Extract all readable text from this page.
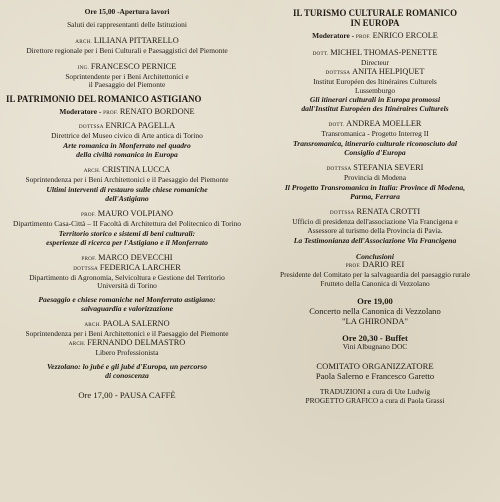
Ore 15,00 -Apertura lavori

Saluti dei rappresentanti delle Istituzioni

ARCH. LILIANA PITTARELLO

Direttore regionale per i Beni Culturali e Paesaggistici del Piemonte

ING. FRANCESCO PERNICE

Soprintendente per i Beni Architettonici e

il Paesaggio del Piemonte

IL PATRIMONIO DEL ROMANICO ASTIGIANO

Moderatore - PROF. RENATO BORDONE

DOTTSSA ENRICA PAGELLA

Direttrice del Museo civico di Arte antica di Torino

Arte romanica in Monferrato nel quadro

della civiltà romanica in Europa

ARCH. CRISTINA LUCCA

Soprintendenza per i Beni Architettonici e il Paesaggio del Piemonte

Ultimi interventi di restauro sulle chiese romaniche

dell'Astigiano

PROF. MAURO VOLPIANO

Dipartimento Casa-Città – II Facoltà di Architettura del Politecnico di Torino

Territorio storico e sistemi di beni culturali:

esperienze di ricerca per l'Astigiano e il Monferrato

PROF. MARCO DEVECCHI

DOTTSSA FEDERICA LARCHER

Dipartimento di Agronomia, Selvicoltura e Gestione del Territorio

Università di Torino

Paesaggio e chiese romaniche nel Monferrato astigiano:

salvaguardia e valorizzazione

ARCH. PAOLA SALERNO

Soprintendenza per i Beni Architettonici e il Paesaggio del Piemonte

ARCH. FERNANDO DELMASTRO

Libero Professionista

Vezzolano: lo jubé e gli jubé d'Europa, un percorso

di conoscenza

Ore 17,00 - PAUSA CAFFÈ

IL TURISMO CULTURALE ROMANICO

IN EUROPA

Moderatore - PROF. ENRICO ERCOLE

DOTT. MICHEL THOMAS-PENETTE

Directeur

DOTTSSA ANITA HELPIQUET

Institut Européen des Itinéraires Culturels

Lussemburgo

Gli itinerari culturali in Europa promossi

dall'Institut Européen des Itinéraires Culturels

DOTT. ANDREA MOELLER

Transromanica - Progetto Interreg II

Transromanica, itinerario culturale riconosciuto dal

Consiglio d'Europa

DOTTSSA STEFANIA SEVERI

Provincia di Modena

Il Progetto Transromanica in Italia: Province di Modena,

Parma, Ferrara

DOTTSSA RENATA CROTTI

Ufficio di presidenza dell'associazione Via Francigena e

Assessore al turismo della Provincia di Pavia.

La Testimonianza dell'Associazione Via Francigena

Conclusioni

PROF. DARIO REI

Presidente del Comitato per la salvaguardia del paesaggio rurale

Frutteto della Canonica di Vezzolano

Ore 19,00

Concerto nella Canonica di Vezzolano

"LA GHIRONDA"

Ore 20,30 - Buffet

Vini Albugnano DOC

COMITATO ORGANIZZATORE

Paola Salerno e Francesco Garetto

TRADUZIONI a cura di Ute Ludwig

PROGETTO GRAFICO a cura di Paola Grassi
